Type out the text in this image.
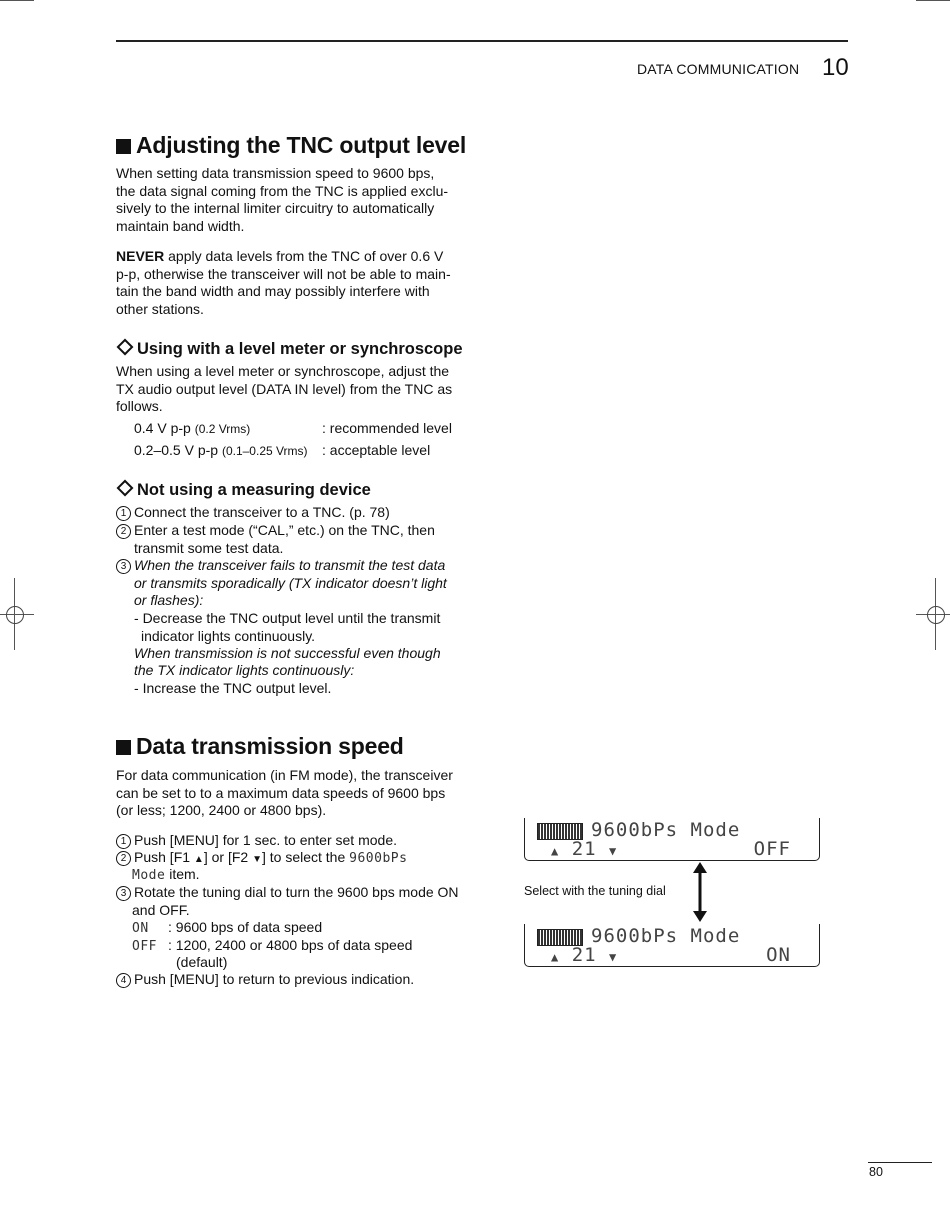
DATA COMMUNICATION 10
Adjusting the TNC output level
When setting data transmission speed to 9600 bps,
the data signal coming from the TNC is applied exclu-
sively to the internal limiter circuitry to automatically
maintain band width.
NEVER apply data levels from the TNC of over 0.6 V
p-p, otherwise the transceiver will not be able to main-
tain the band width and may possibly interfere with
other stations.
Using with a level meter or synchroscope
When using a level meter or synchroscope, adjust the
TX audio output level (DATA IN level) from the TNC as
follows.
0.4 V p-p (0.2 Vrms)	: recommended level
0.2–0.5 V p-p (0.1–0.25 Vrms) : acceptable level
Not using a measuring device
1 Connect the transceiver to a TNC. (p. 78)
2 Enter a test mode (“CAL,” etc.) on the TNC, then
transmit some test data.
3 When the transceiver fails to transmit the test data
or transmits sporadically (TX indicator doesn’t light
or flashes):
- Decrease the TNC output level until the transmit
indicator lights continuously.
When transmission is not successful even though
the TX indicator lights continuously:
- Increase the TNC output level.
Data transmission speed
For data communication (in FM mode), the transceiver
can be set to to a maximum data speeds of 9600 bps
(or less; 1200, 2400 or 4800 bps).
1 Push [MENU] for 1 sec. to enter set mode.
2 Push [F1 ▲] or [F2 ▼] to select the 9600bPs
Mode item.
3 Rotate the tuning dial to turn the 9600 bps mode ON
and OFF.
ON : 9600 bps of data speed
OFF : 1200, 2400 or 4800 bps of data speed
(default)
4 Push [MENU] to return to previous indication.
9600bPs Mode
▲ 21 ▼	OFF
Select with the tuning dial
9600bPs Mode
▲ 21 ▼	ON
80
